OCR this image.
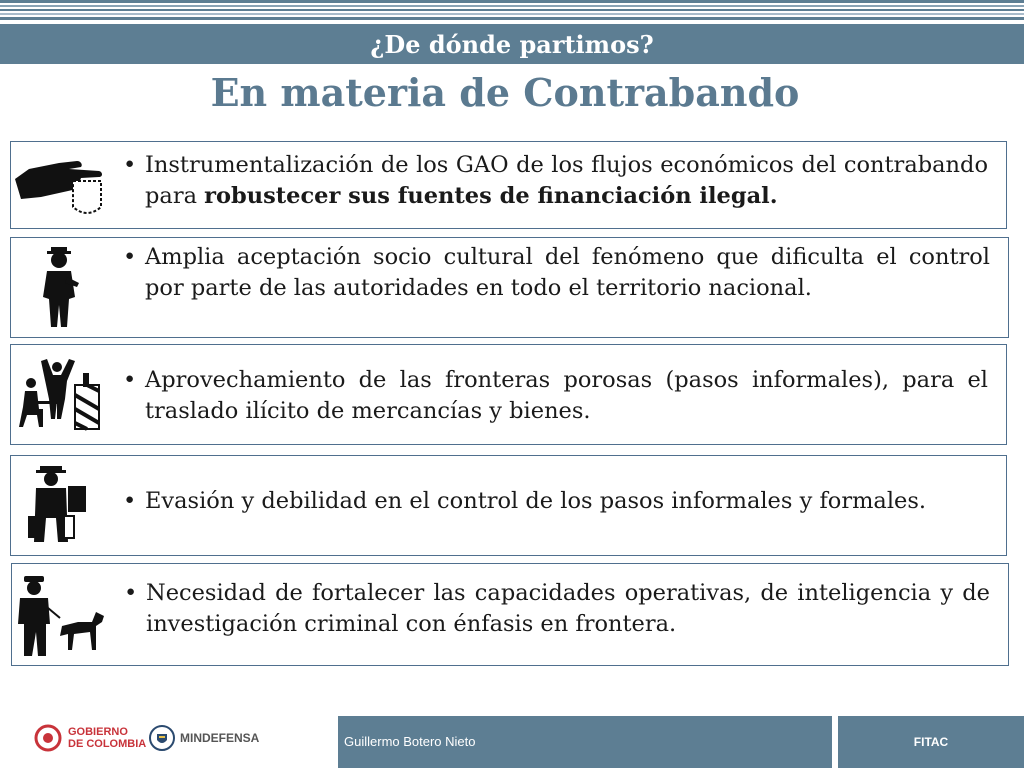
¿De dónde partimos?
En materia de Contrabando
• Instrumentalización de los GAO de los flujos económicos del contrabando para robustecer sus fuentes de financiación ilegal.
• Amplia aceptación socio cultural del fenómeno que dificulta el control por parte de las autoridades en todo el territorio nacional.
• Aprovechamiento de las fronteras porosas (pasos informales), para el traslado ilícito de mercancías y bienes.
• Evasión y debilidad en el control de los pasos informales y formales.
• Necesidad de fortalecer las capacidades operativas, de inteligencia y de investigación criminal con énfasis en frontera.
GOBIERNO
DE COLOMBIA	MINDEFENSA	Guillermo Botero Nieto	FITAC
